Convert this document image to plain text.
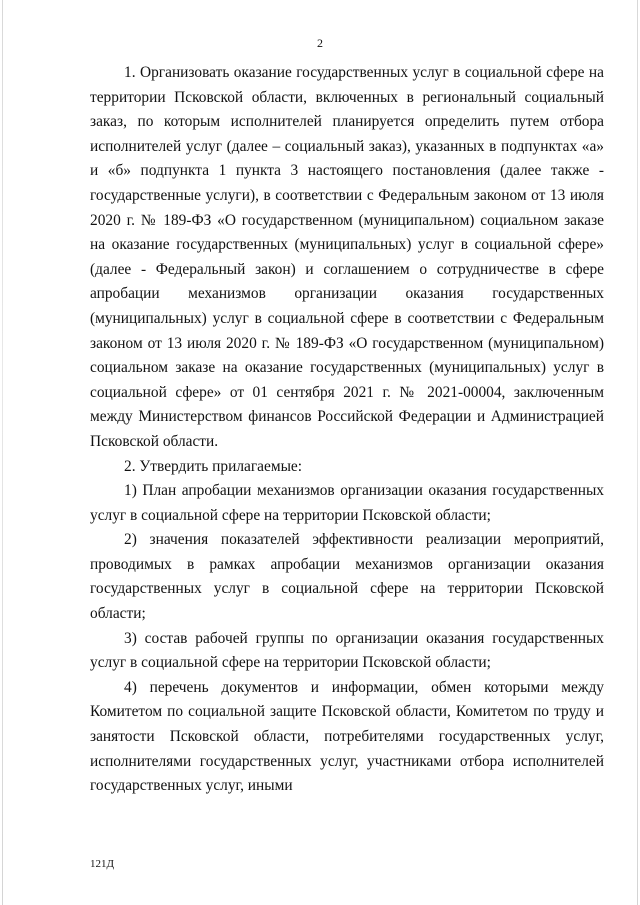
2

1. Организовать оказание государственных услуг в социальной сфере на территории Псковской области, включенных в региональный социальный заказ, по которым исполнителей планируется определить путем отбора исполнителей услуг (далее – социальный заказ), указанных в подпунктах «а» и «б» подпункта 1 пункта 3 настоящего постановления (далее также - государственные услуги), в соответствии с Федеральным законом от 13 июля 2020 г. № 189-ФЗ «О государственном (муниципальном) социальном заказе на оказание государственных (муниципальных) услуг в социальной сфере» (далее - Федеральный закон) и соглашением о сотрудничестве в сфере апробации механизмов организации оказания государственных (муниципальных) услуг в социальной сфере в соответствии с Федеральным законом от 13 июля 2020 г. № 189-ФЗ «О государственном (муниципальном) социальном заказе на оказание государственных (муниципальных) услуг в социальной сфере» от 01 сентября 2021 г. № 2021-00004, заключенным между Министерством финансов Российской Федерации и Администрацией Псковской области.

2. Утвердить прилагаемые:

1) План апробации механизмов организации оказания государственных услуг в социальной сфере на территории Псковской области;

2) значения показателей эффективности реализации мероприятий, проводимых в рамках апробации механизмов организации оказания государственных услуг в социальной сфере на территории Псковской области;

3) состав рабочей группы по организации оказания государственных услуг в социальной сфере на территории Псковской области;

4) перечень документов и информации, обмен которыми между Комитетом по социальной защите Псковской области, Комитетом по труду и занятости Псковской области, потребителями государственных услуг, исполнителями государственных услуг, участниками отбора исполнителей государственных услуг, иными

121Д
